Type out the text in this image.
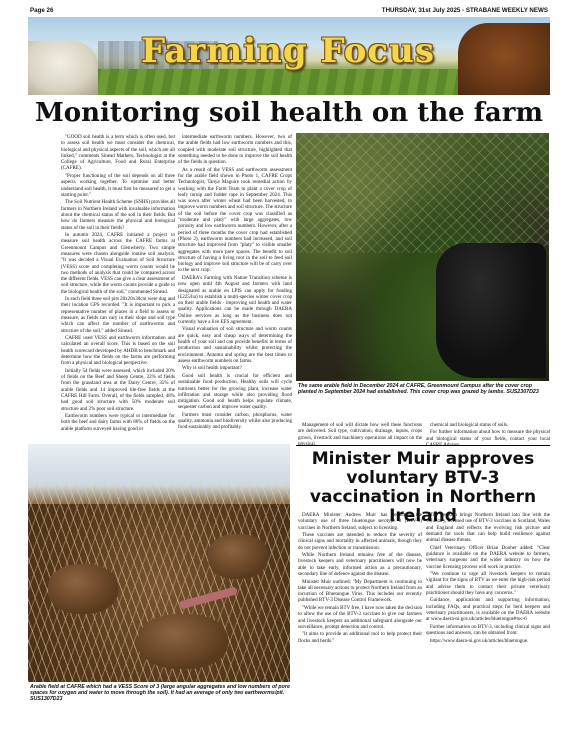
Page 26	THURSDAY, 31st July 2025 - STRABANE WEEKLY NEWS
Farming Focus
Monitoring soil health on the farm

"GOOD soil health is a term which is often used, but to assess soil health we must consider the chemical, biological and physical aspects of the soil, which are all linked," comments Sinead Mathers, Technologist at the College of Agriculture, Food and Rural Enterprise (CAFRE).

"Proper functioning of the soil depends on all three aspects working together. To optimise and better understand soil health, it must first be measured to get a starting point."

The Soil Nutrient Health Scheme (SNHS) provides all farmers in Northern Ireland with invaluable information about the chemical status of the soil in their fields. But how do farmers measure the physical and biological status of the soil in their fields?

In autumn 2024, CAFRE initiated a project to measure soil health across the CAFRE farms at Greenmount Campus and Glenwherry. Two simple measures were chosen alongside routine soil analysis. "It was decided a Visual Evaluation of Soil Structure (VESS) score and completing worm counts would be two methods of analysis that could be compared across the different fields. VESS can give a clear assessment of soil structure, while the worm counts provide a guide to the biological health of the soil," commented Sinead.

In each field three soil pits 20x20x30cm were dug and their location GPS recorded. "It is important to pick a representative number of places in a field to assess or measure, as fields can vary in their slope and soil type which can affect the number of earthworms and structure of the soil," added Sinead.

CAFRE used VESS and earthworm information and calculated an overall score. This is based on the soil health scorecard developed by AHDB to benchmark and determine how the fields on the farms are performing from a physical and biological perspective.

Initially 54 fields were assessed, which included 20% of fields on the Beef and Sheep Centre, 22% of fields from the grassland area at the Dairy Centre, 35% of arable fields and 14 improved tile-free fields at the CAFRE Hill Farm. Overall, of the fields sampled, 48% had good soil structure with 50% moderate soil structure and 2% poor soil structure.

Earthworm numbers were typical or intermediate for both the beef and dairy farms with 86% of fields on the arable platform surveyed having good or

intermediate earthworm numbers. However, two of the arable fields had low earthworm numbers and this, coupled with moderate soil structure, highlighted that something needed to be done to improve the soil health of the fields in question.

As a result of the VESS and earthworm assessment for the arable field shown in Photo 1, CAFRE Crops Technologist, Tanya Maguire took remedial action by working with the Farm Team to plant a cover crop of leafy turnip and fodder rape in September 2024. This was sown after winter wheat had been harvested, to improve worm numbers and soil structure. The structure of the soil before the cover crop was classified as "moderate and platy" with large aggregates, low porosity and low earthworm numbers. However, after a period of three months the cover crop had established (Photo 2), earthworm numbers had increased, and soil structure had improved from "platy" to visible smaller aggregates with more pore spaces. The benefit to soil structure of having a living root in the soil to feed soil biology and improve soil structure will be of carry over to the next crop.

DAERA's Farming with Nature Transition scheme is now open until 4th August and farmers with land designated as arable on LPIS can apply for funding (£225/ha) to establish a multi-species winter cover crop on their arable fields - improving soil health and water quality. Applications can be made through DAERA Online services as long as the business does not currently have a live EFS agreement.

Visual evaluation of soil structure and worm counts are quick, easy and cheap ways of determining the health of your soil and can provide benefits in terms of production and sustainability whilst protecting the environment. Autumn and spring are the best times to assess earthworm numbers on farms.

Why is soil health important?

Good soil health is crucial for efficient and sustainable food production. Healthy soils will cycle nutrients better for the growing plant, increase water infiltration and storage while also providing flood mitigation. Good soil health helps regulate climate, sequester carbon and improve water quality.

Farmers must consider carbon, phosphorus, water quality, ammonia and biodiversity whilst also producing food sustainably and profitably.

The same arable field in December 2024 at CAFRE, Greenmount Campus after the cover crop planted in September 2024 had established. This cover crop was grazed by lambs. SUS2307D23

Management of soil will dictate how well these functions are delivered. Soil type, cultivation, drainage, inputs, crops grown, livestock and machinery operations all impact on the physical,

chemical and biological status of soils.

For further information about how to measure the physical and biological status of your fields, contact your local CAFRE Adviser.

Minister Muir approves voluntary BTV-3 vaccination in Northern Ireland

DAERA Minister Andrew Muir has permitted the voluntary use of three bluetongue serotype 3 (BTV-3) vaccines in Northern Ireland, subject to licensing.

These vaccines are intended to reduce the severity of clinical signs and mortality in affected animals, though they do not prevent infection or transmission.

While Northern Ireland remains free of the disease, livestock keepers and veterinary practitioners will now be able to take early, informed action as a precautionary, secondary line of defence against the disease.

Minister Muir outlined: "My Department is continuing to take all necessary actions to protect Northern Ireland from an incursion of Bluetongue Virus. This includes our recently published BTV-3 Disease Control Framework.

"While we remain BTV free, I have now taken the decision to allow the use of the BTV-3 vaccines to give our farmers and livestock keepers an additional safeguard alongside our surveillance, prompt detection and control.

"It aims to provide an additional tool to help protect their flocks and herds."

The decision brings Northern Ireland into line with the voluntary, licensed use of BTV-3 vaccines in Scotland, Wales and England and reflects the evolving risk picture and demand for tools that can help build resilience against animal disease threats.

Chief Veterinary Officer Brian Dooher added: "Clear guidance is available on the DAERA website to farmers, veterinary surgeons and the wider industry on how the vaccine licensing process will work in practice.

"We continue to urge all livestock keepers to remain vigilant for the signs of BTV as we enter the high-risk period and advise them to contact their private veterinary practitioner should they have any concerns."

Guidance, applications and supporting information, including FAQs, and practical steps for herd keepers and veterinary practitioners, is available on the DAERA website at www.daera-ni.gov.uk/articles/bluetongue#toc-6

Further information on BTV-3, including clinical signs and questions and answers, can be obtained from:

https://www.daera-ni.gov.uk/articles/bluetongue.

Arable field at CAFRE which had a VESS Score of 3 (large angular aggregates and low numbers of pore spaces for oxygen and water to move through the soil). It had an average of only two earthworms/pit. SUS1307D23
